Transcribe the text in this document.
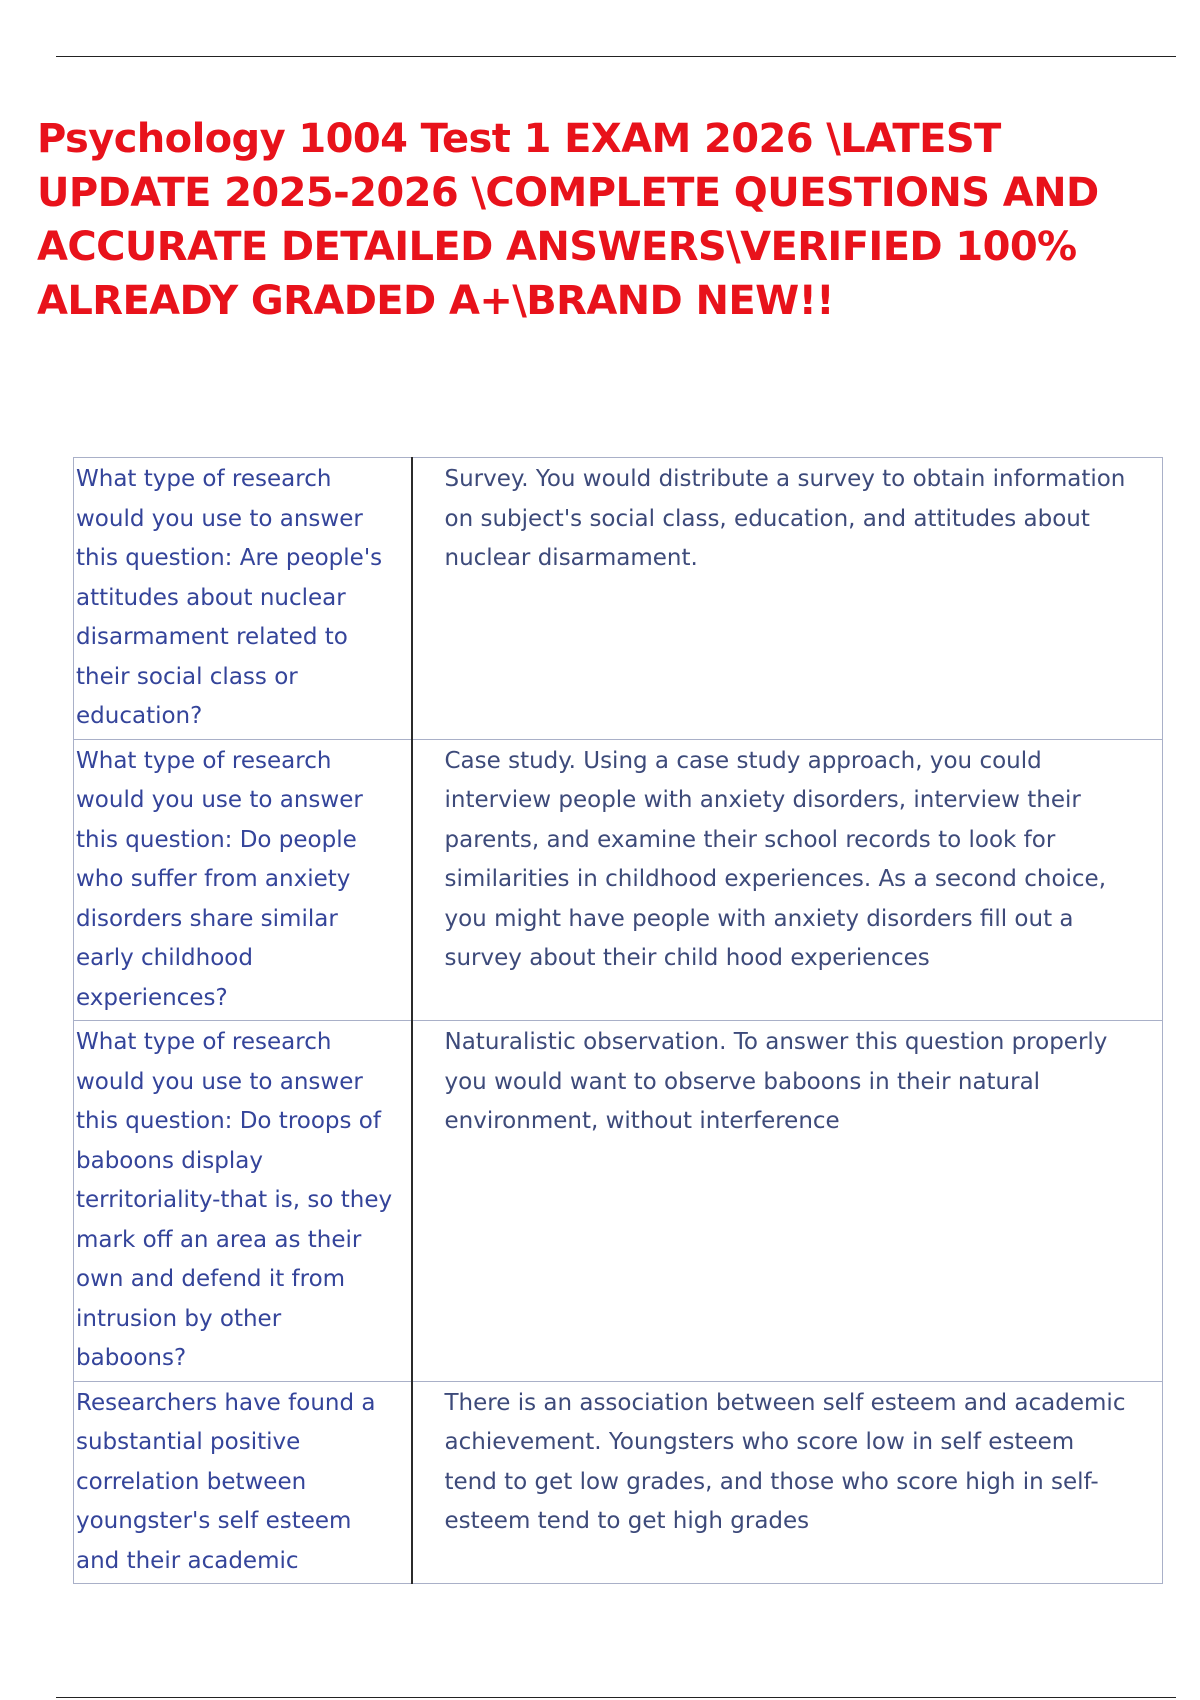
Psychology 1004 Test 1 EXAM 2026 \LATEST UPDATE 2025-2026 \COMPLETE QUESTIONS AND ACCURATE DETAILED ANSWERS\VERIFIED 100% ALREADY GRADED A+\BRAND NEW!!
What type of research would you use to answer this question: Are people's attitudes about nuclear disarmament related to their social class or education?	Survey. You would distribute a survey to obtain information on subject's social class, education, and attitudes about nuclear disarmament.
What type of research would you use to answer this question: Do people who suffer from anxiety disorders share similar early childhood experiences?	Case study. Using a case study approach, you could interview people with anxiety disorders, interview their parents, and examine their school records to look for similarities in childhood experiences. As a second choice, you might have people with anxiety disorders fill out a survey about their child hood experiences
What type of research would you use to answer this question: Do troops of baboons display territoriality-that is, so they mark off an area as their own and defend it from intrusion by other baboons?	Naturalistic observation. To answer this question properly you would want to observe baboons in their natural environment, without interference
Researchers have found a substantial positive correlation between youngster's self esteem and their academic	There is an association between self esteem and academic achievement. Youngsters who score low in self esteem tend to get low grades, and those who score high in self-esteem tend to get high grades
